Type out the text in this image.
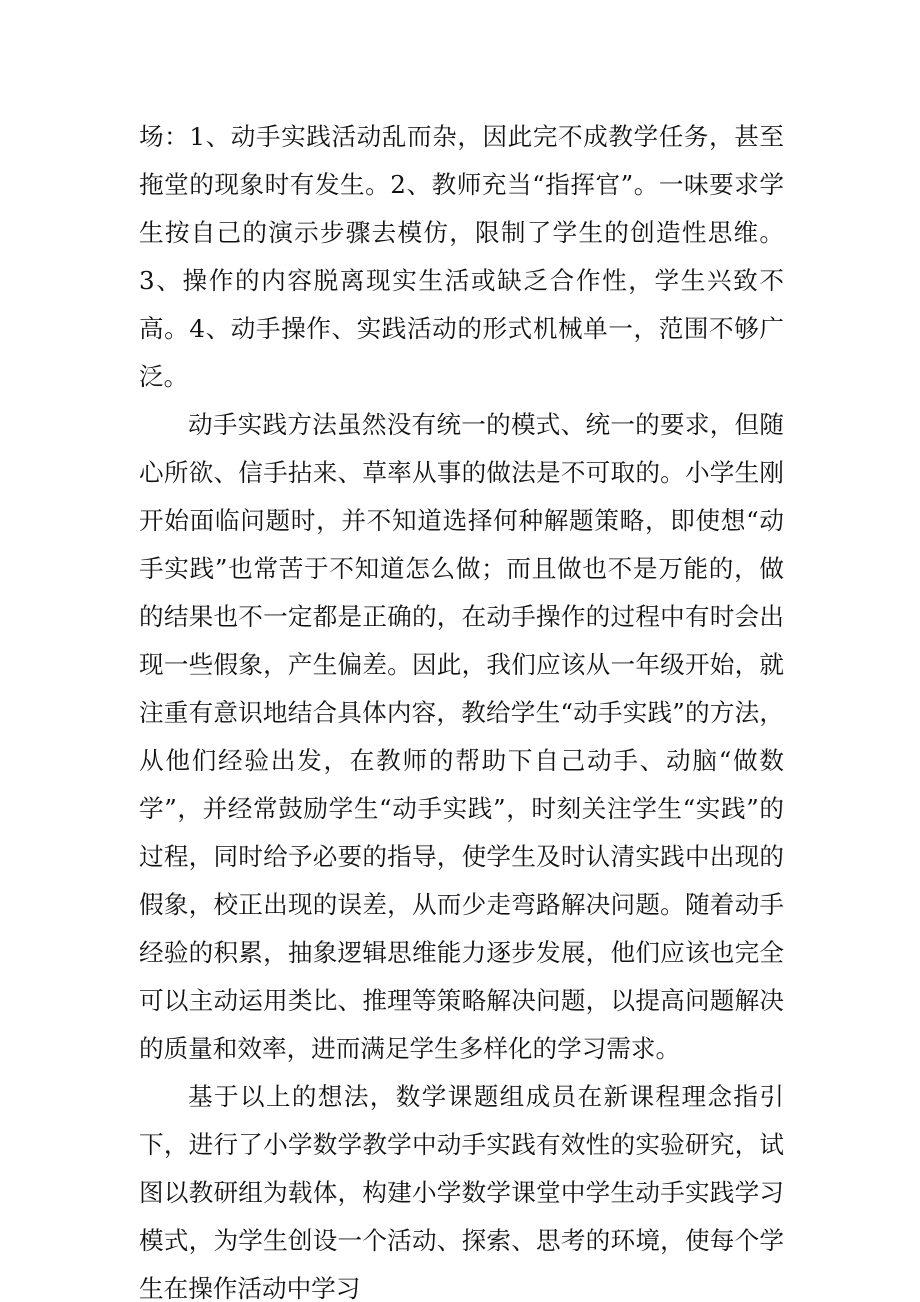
场：1、动手实践活动乱而杂，因此完不成教学任务，甚至拖堂的现象时有发生。2、教师充当“指挥官”。一味要求学生按自己的演示步骤去模仿，限制了学生的创造性思维。3、操作的内容脱离现实生活或缺乏合作性，学生兴致不高。4、动手操作、实践活动的形式机械单一，范围不够广泛。

动手实践方法虽然没有统一的模式、统一的要求，但随心所欲、信手拈来、草率从事的做法是不可取的。小学生刚开始面临问题时，并不知道选择何种解题策略，即使想“动手实践”也常苦于不知道怎么做；而且做也不是万能的，做的结果也不一定都是正确的，在动手操作的过程中有时会出现一些假象，产生偏差。因此，我们应该从一年级开始，就注重有意识地结合具体内容，教给学生“动手实践”的方法，从他们经验出发，在教师的帮助下自己动手、动脑“做数学”，并经常鼓励学生“动手实践”，时刻关注学生“实践”的过程，同时给予必要的指导，使学生及时认清实践中出现的假象，校正出现的误差，从而少走弯路解决问题。随着动手经验的积累，抽象逻辑思维能力逐步发展，他们应该也完全可以主动运用类比、推理等策略解决问题，以提高问题解决的质量和效率，进而满足学生多样化的学习需求。

基于以上的想法，数学课题组成员在新课程理念指引下，进行了小学数学教学中动手实践有效性的实验研究，试图以教研组为载体，构建小学数学课堂中学生动手实践学习模式，为学生创设一个活动、探索、思考的环境，使每个学生在操作活动中学习
